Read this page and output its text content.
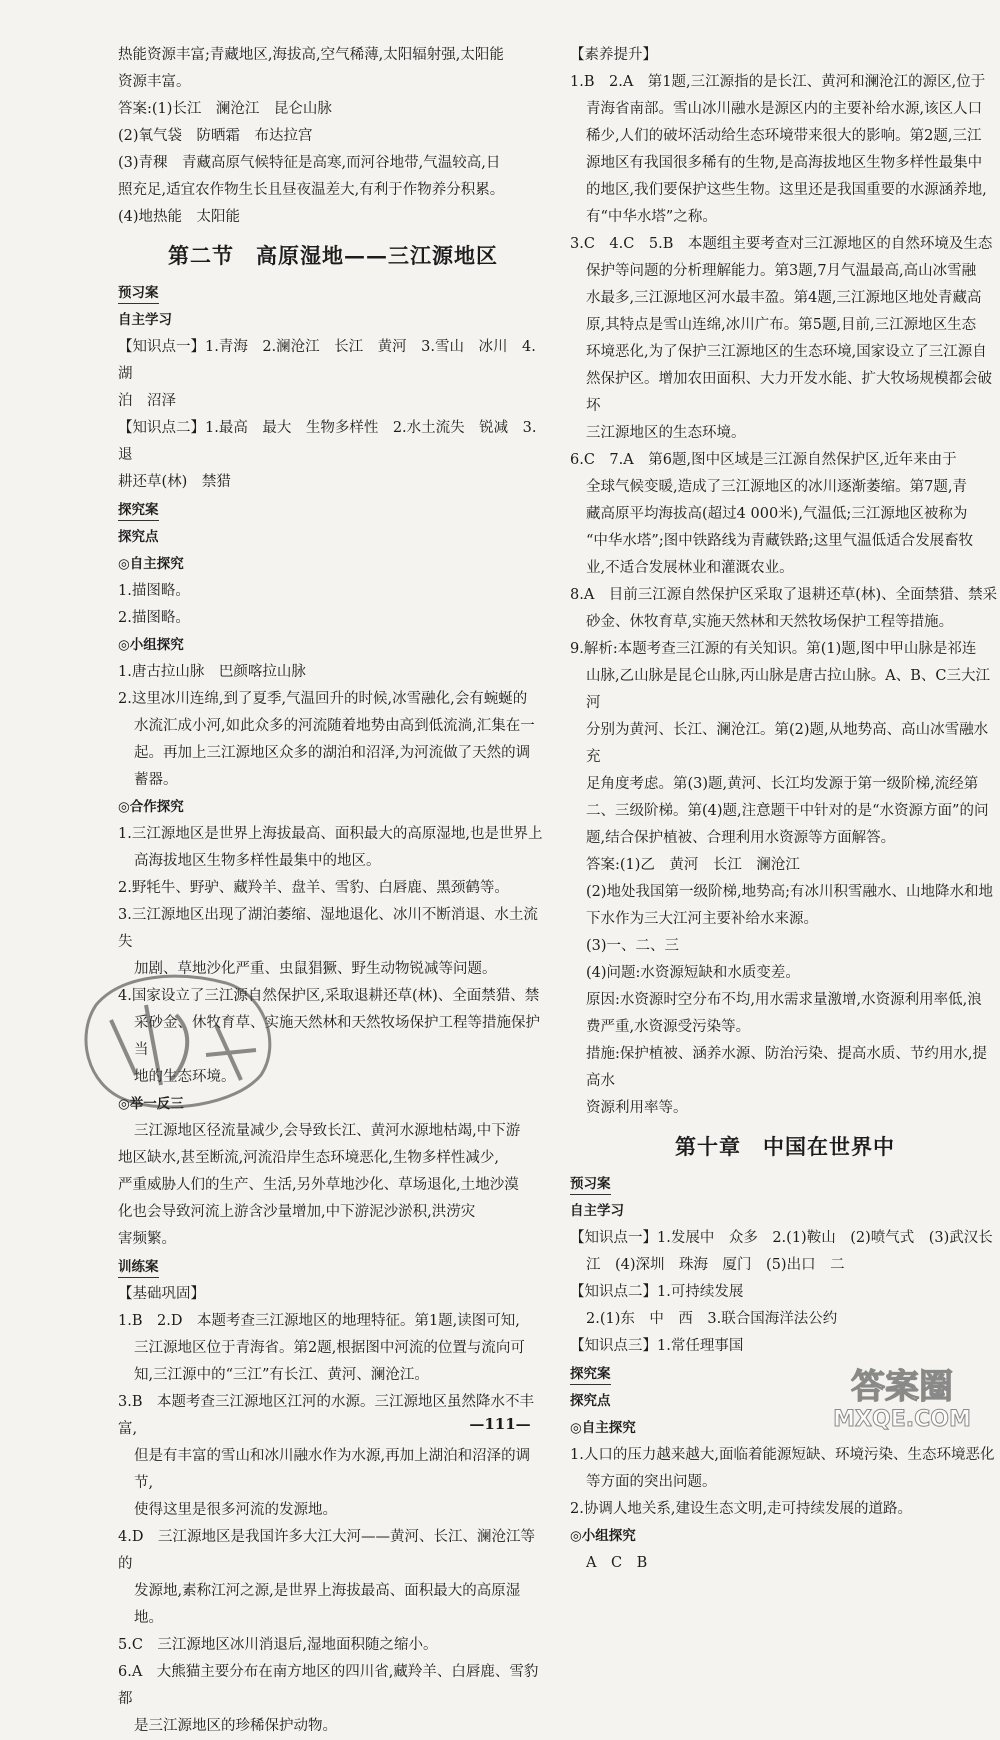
热能资源丰富;青藏地区,海拔高,空气稀薄,太阳辐射强,太阳能
资源丰富。
答案:(1)长江　澜沧江　昆仑山脉
(2)氧气袋　防晒霜　布达拉宫
(3)青稞　青藏高原气候特征是高寒,而河谷地带,气温较高,日
照充足,适宜农作物生长且昼夜温差大,有利于作物养分积累。
(4)地热能　太阳能
第二节　高原湿地——三江源地区
预习案

自主学习
【知识点一】1.青海　2.澜沧江　长江　黄河　3.雪山　冰川　4.湖
泊　沼泽
【知识点二】1.最高　最大　生物多样性　2.水土流失　锐减　3.退
耕还草(林)　禁猎
探究案

探究点
◎自主探究
1.描图略。
2.描图略。
◎小组探究
1.唐古拉山脉　巴颜喀拉山脉
2.这里冰川连绵,到了夏季,气温回升的时候,冰雪融化,会有蜿蜒的
水流汇成小河,如此众多的河流随着地势由高到低流淌,汇集在一
起。再加上三江源地区众多的湖泊和沼泽,为河流做了天然的调
蓄器。
◎合作探究
1.三江源地区是世界上海拔最高、面积最大的高原湿地,也是世界上
高海拔地区生物多样性最集中的地区。
2.野牦牛、野驴、藏羚羊、盘羊、雪豹、白唇鹿、黑颈鹤等。
3.三江源地区出现了湖泊萎缩、湿地退化、冰川不断消退、水土流失
加剧、草地沙化严重、虫鼠猖獗、野生动物锐减等问题。
4.国家设立了三江源自然保护区,采取退耕还草(林)、全面禁猎、禁
采砂金、休牧育草、实施天然林和天然牧场保护工程等措施保护当
地的生态环境。
◎举一反三
三江源地区径流量减少,会导致长江、黄河水源地枯竭,中下游
地区缺水,甚至断流,河流沿岸生态环境恶化,生物多样性减少,
严重威胁人们的生产、生活,另外草地沙化、草场退化,土地沙漠
化也会导致河流上游含沙量增加,中下游泥沙淤积,洪涝灾
害频繁。
训练案

【基础巩固】
1.B　2.D　本题考查三江源地区的地理特征。第1题,读图可知,
三江源地区位于青海省。第2题,根据图中河流的位置与流向可
知,三江源中的“三江”有长江、黄河、澜沧江。
3.B　本题考查三江源地区江河的水源。三江源地区虽然降水不丰富,
但是有丰富的雪山和冰川融水作为水源,再加上湖泊和沼泽的调节,
使得这里是很多河流的发源地。
4.D　三江源地区是我国许多大江大河——黄河、长江、澜沧江等的
发源地,素称江河之源,是世界上海拔最高、面积最大的高原湿地。
5.C　三江源地区冰川消退后,湿地面积随之缩小。
6.A　大熊猫主要分布在南方地区的四川省,藏羚羊、白唇鹿、雪豹都
是三江源地区的珍稀保护动物。
【素养提升】
1.B　2.A　第1题,三江源指的是长江、黄河和澜沧江的源区,位于
青海省南部。雪山冰川融水是源区内的主要补给水源,该区人口
稀少,人们的破坏活动给生态环境带来很大的影响。第2题,三江
源地区有我国很多稀有的生物,是高海拔地区生物多样性最集中
的地区,我们要保护这些生物。这里还是我国重要的水源涵养地,
有“中华水塔”之称。
3.C　4.C　5.B　本题组主要考查对三江源地区的自然环境及生态
保护等问题的分析理解能力。第3题,7月气温最高,高山冰雪融
水最多,三江源地区河水最丰盈。第4题,三江源地区地处青藏高
原,其特点是雪山连绵,冰川广布。第5题,目前,三江源地区生态
环境恶化,为了保护三江源地区的生态环境,国家设立了三江源自
然保护区。增加农田面积、大力开发水能、扩大牧场规模都会破坏
三江源地区的生态环境。
6.C　7.A　第6题,图中区域是三江源自然保护区,近年来由于
全球气候变暖,造成了三江源地区的冰川逐渐萎缩。第7题,青
藏高原平均海拔高(超过4 000米),气温低;三江源地区被称为
“中华水塔”;图中铁路线为青藏铁路;这里气温低适合发展畜牧
业,不适合发展林业和灌溉农业。
8.A　目前三江源自然保护区采取了退耕还草(林)、全面禁猎、禁采
砂金、休牧育草,实施天然林和天然牧场保护工程等措施。
9.解析:本题考查三江源的有关知识。第(1)题,图中甲山脉是祁连
山脉,乙山脉是昆仑山脉,丙山脉是唐古拉山脉。A、B、C三大江河
分别为黄河、长江、澜沧江。第(2)题,从地势高、高山冰雪融水充
足角度考虑。第(3)题,黄河、长江均发源于第一级阶梯,流经第
二、三级阶梯。第(4)题,注意题干中针对的是“水资源方面”的问
题,结合保护植被、合理利用水资源等方面解答。
答案:(1)乙　黄河　长江　澜沧江
(2)地处我国第一级阶梯,地势高;有冰川积雪融水、山地降水和地
下水作为三大江河主要补给水来源。
(3)一、二、三
(4)问题:水资源短缺和水质变差。
原因:水资源时空分布不均,用水需求量激增,水资源利用率低,浪
费严重,水资源受污染等。
措施:保护植被、涵养水源、防治污染、提高水质、节约用水,提高水
资源利用率等。
第十章　中国在世界中
预习案

自主学习
【知识点一】1.发展中　众多　2.(1)鞍山　(2)喷气式　(3)武汉长
江　(4)深圳　珠海　厦门　(5)出口　二
【知识点二】1.可持续发展
2.(1)东　中　西　3.联合国海洋法公约
【知识点三】1.常任理事国
探究案

探究点
◎自主探究
1.人口的压力越来越大,面临着能源短缺、环境污染、生态环境恶化
等方面的突出问题。
2.协调人地关系,建设生态文明,走可持续发展的道路。
◎小组探究
A　C　B
答案圈
MXQE.COM
—111—
